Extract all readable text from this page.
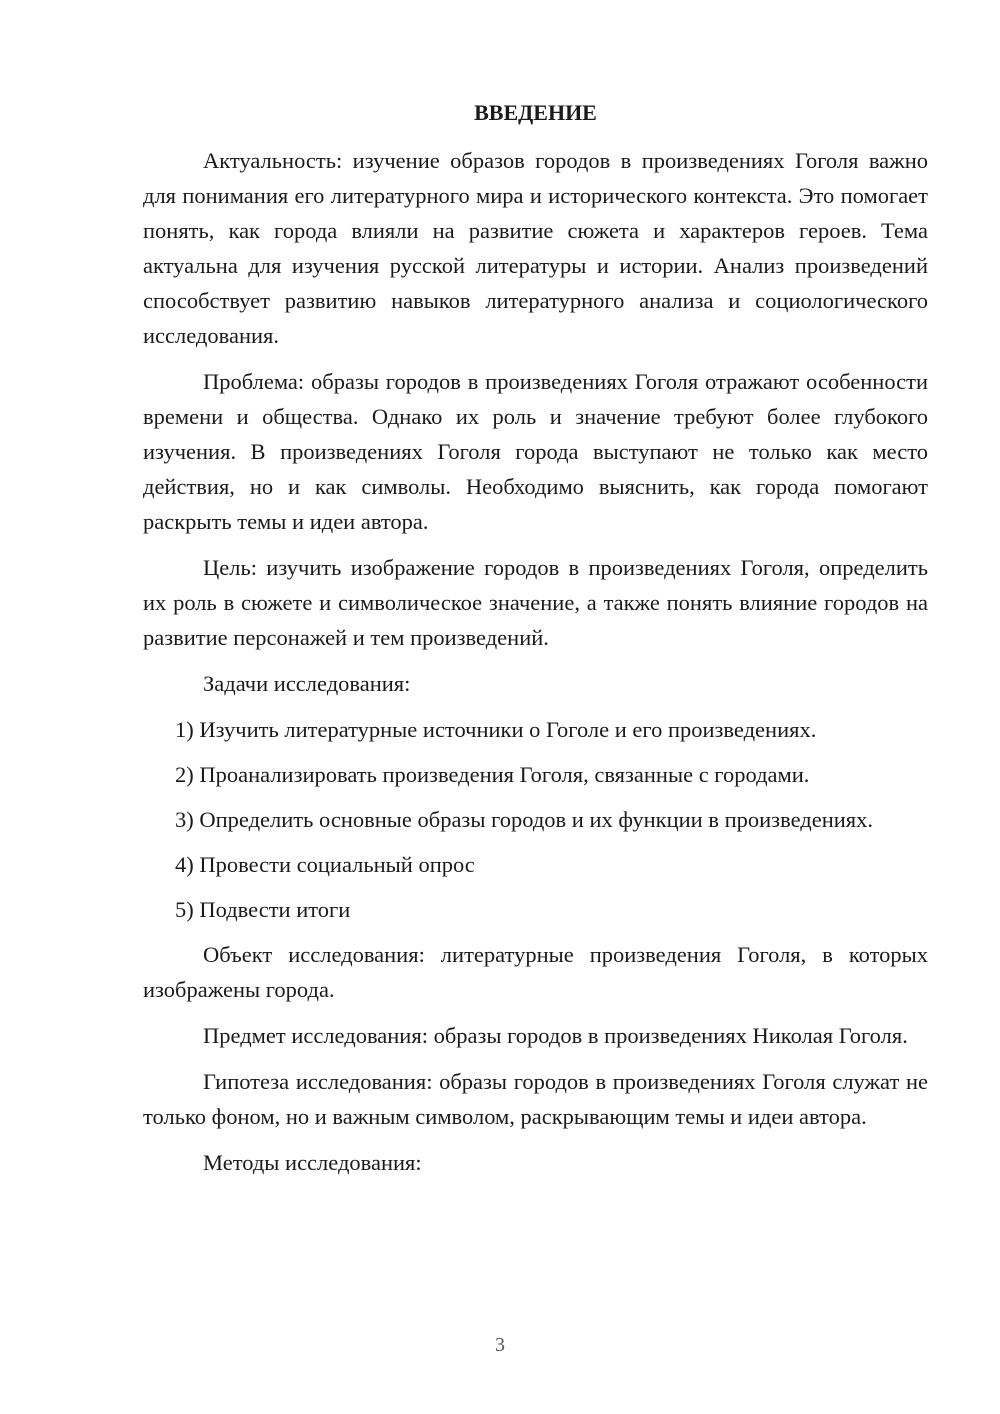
ВВЕДЕНИЕ

Актуальность: изучение образов городов в произведениях Гоголя важно для понимания его литературного мира и исторического контекста. Это помогает понять, как города влияли на развитие сюжета и характеров героев. Тема актуальна для изучения русской литературы и истории. Анализ произведений способствует развитию навыков литературного анализа и социологического исследования.

Проблема: образы городов в произведениях Гоголя отражают особенности времени и общества. Однако их роль и значение требуют более глубокого изучения. В произведениях Гоголя города выступают не только как место действия, но и как символы. Необходимо выяснить, как города помогают раскрыть темы и идеи автора.

Цель: изучить изображение городов в произведениях Гоголя, определить их роль в сюжете и символическое значение, а также понять влияние городов на развитие персонажей и тем произведений.

Задачи исследования:

1) Изучить литературные источники о Гоголе и его произведениях.

2) Проанализировать произведения Гоголя, связанные с городами.

3) Определить основные образы городов и их функции в произведениях.

4) Провести социальный опрос

5) Подвести итоги

Объект исследования: литературные произведения Гоголя, в которых изображены города.

Предмет исследования: образы городов в произведениях Николая Гоголя.

Гипотеза исследования: образы городов в произведениях Гоголя служат не только фоном, но и важным символом, раскрывающим темы и идеи автора.

Методы исследования:

3
